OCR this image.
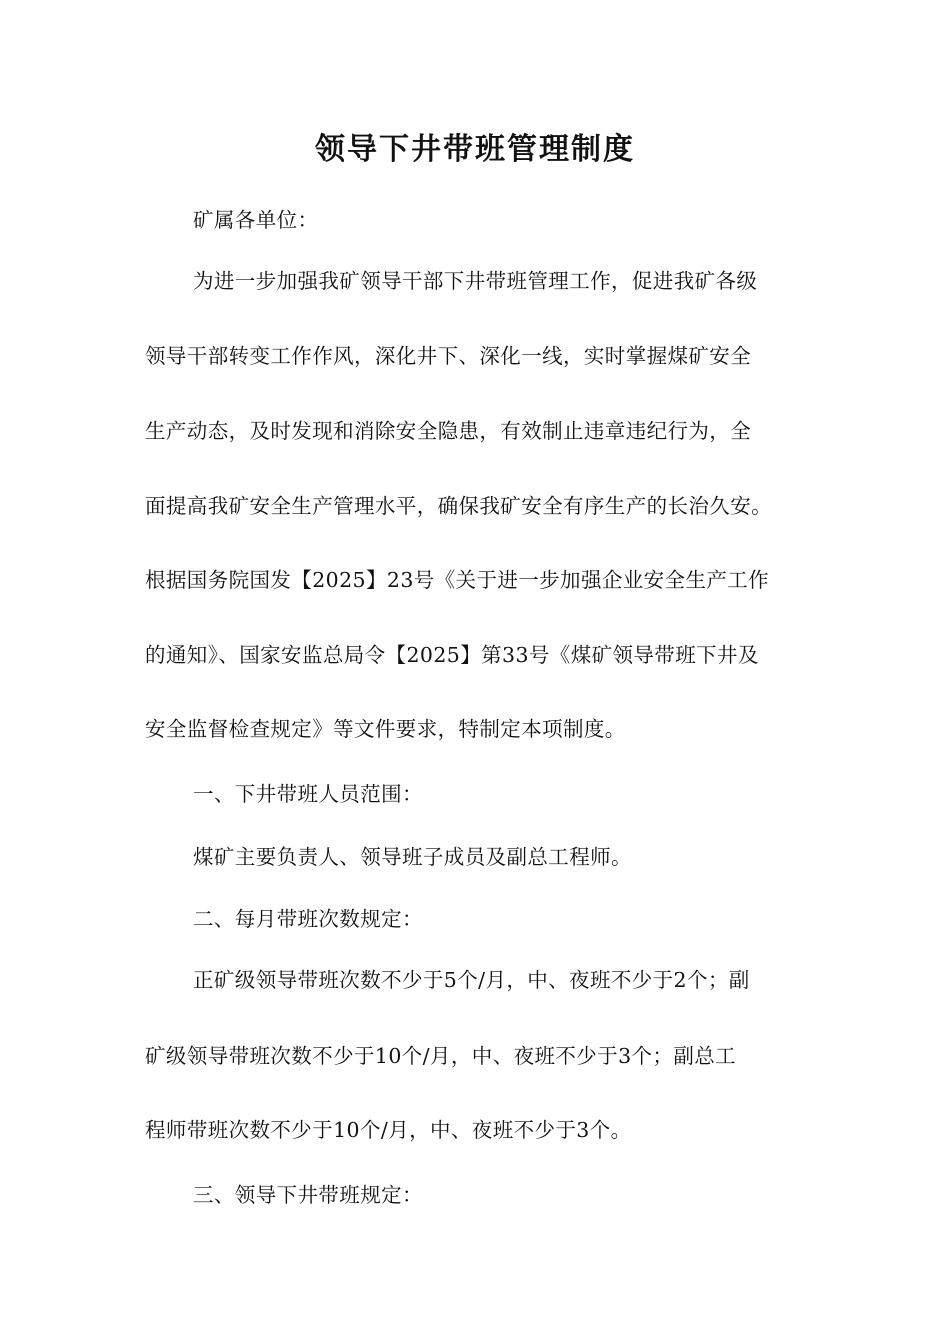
领导下井带班管理制度
矿属各单位：
为进一步加强我矿领导干部下井带班管理工作，促进我矿各级
领导干部转变工作作风，深化井下、深化一线，实时掌握煤矿安全
生产动态，及时发现和消除安全隐患，有效制止违章违纪行为，全
面提高我矿安全生产管理水平，确保我矿安全有序生产的长治久安。
根据国务院国发【2025】23号《关于进一步加强企业安全生产工作
的通知》、国家安监总局令【2025】第33号《煤矿领导带班下井及
安全监督检查规定》等文件要求，特制定本项制度。
一、下井带班人员范围：
煤矿主要负责人、领导班子成员及副总工程师。
二、每月带班次数规定：
正矿级领导带班次数不少于5个/月，中、夜班不少于2个；副
矿级领导带班次数不少于10个/月，中、夜班不少于3个；副总工
程师带班次数不少于10个/月，中、夜班不少于3个。
三、领导下井带班规定：
